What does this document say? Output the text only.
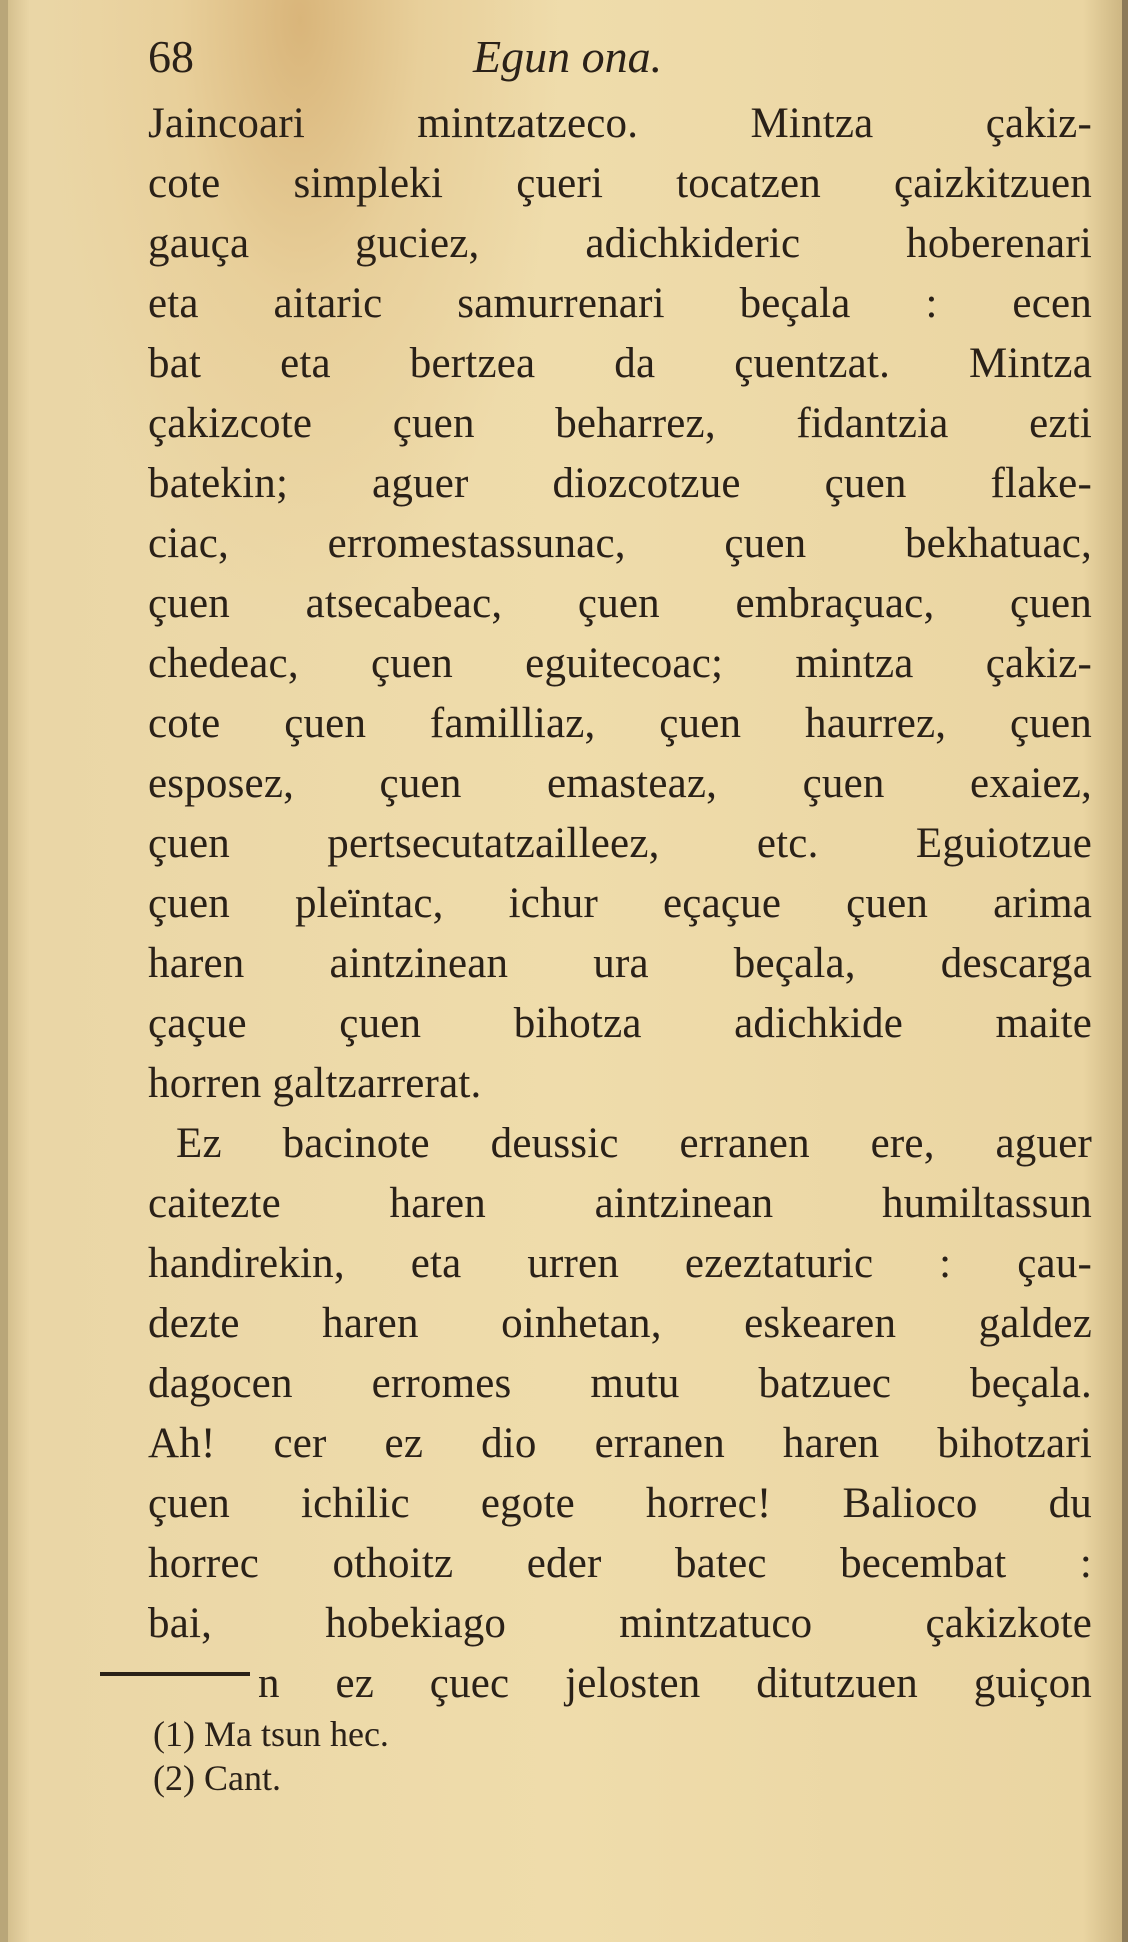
68	Egun ona.
Jaincoari mintzatzeco. Mintza çakiz-
cote simpleki çueri tocatzen çaizkitzuen
gauça guciez, adichkideric hoberenari
eta aitaric samurrenari beçala : ecen
bat eta bertzea da çuentzat. Mintza
çakizcote çuen beharrez, fidantzia ezti
batekin; aguer diozcotzue çuen flake-
ciac, erromestassunac, çuen bekhatuac,
çuen atsecabeac, çuen embraçuac, çuen
chedeac, çuen eguitecoac; mintza çakiz-
cote çuen familliaz, çuen haurrez, çuen
esposez, çuen emasteaz, çuen exaiez,
çuen pertsecutatzailleez, etc. Eguiotzue
çuen pleïntac, ichur eçaçue çuen arima
haren aintzinean ura beçala, descarga
çaçue çuen bihotza adichkide maite
horren galtzarrerat.
Ez bacinote deussic erranen ere, aguer
caitezte haren aintzinean humiltassun
handirekin, eta urren ezeztaturic : çau-
dezte haren oinhetan, eskearen galdez
dagocen erromes mutu batzuec beçala.
Ah! cer ez dio erranen haren bihotzari
çuen ichilic egote horrec! Balioco du
horrec othoitz eder batec becembat :
bai, hobekiago mintzatuco çakizkote
n ez çuec jelosten ditutzuen guiçon
(1) Ma tsun hec.
(2) Cant.
